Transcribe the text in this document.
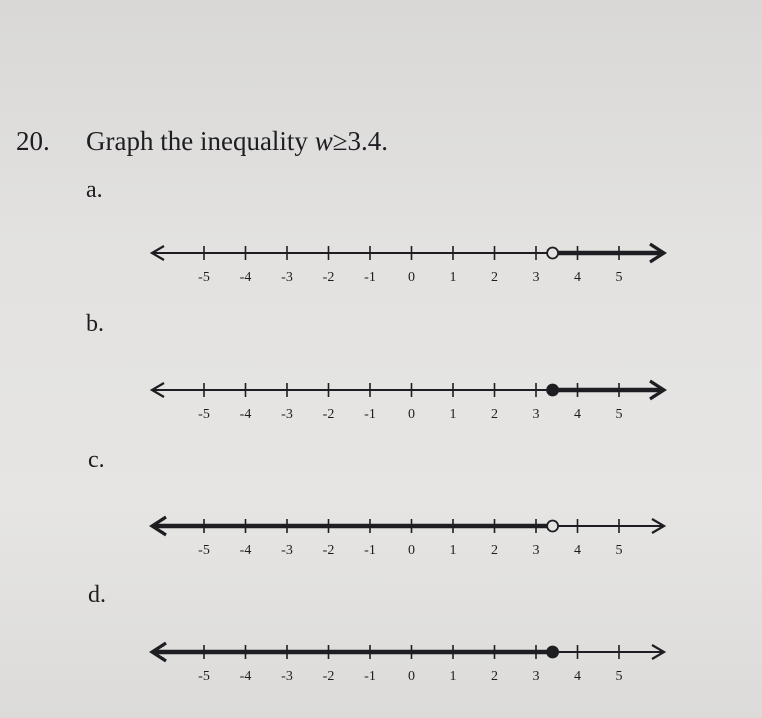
20. Graph the inequality w≥3.4.
a.
-5 -4 -3 -2 -1 0 1 2 3 4 5
b.
-5 -4 -3 -2 -1 0 1 2 3 4 5
c.
-5 -4 -3 -2 -1 0 1 2 3 4 5
d.
-5 -4 -3 -2 -1 0 1 2 3 4 5
